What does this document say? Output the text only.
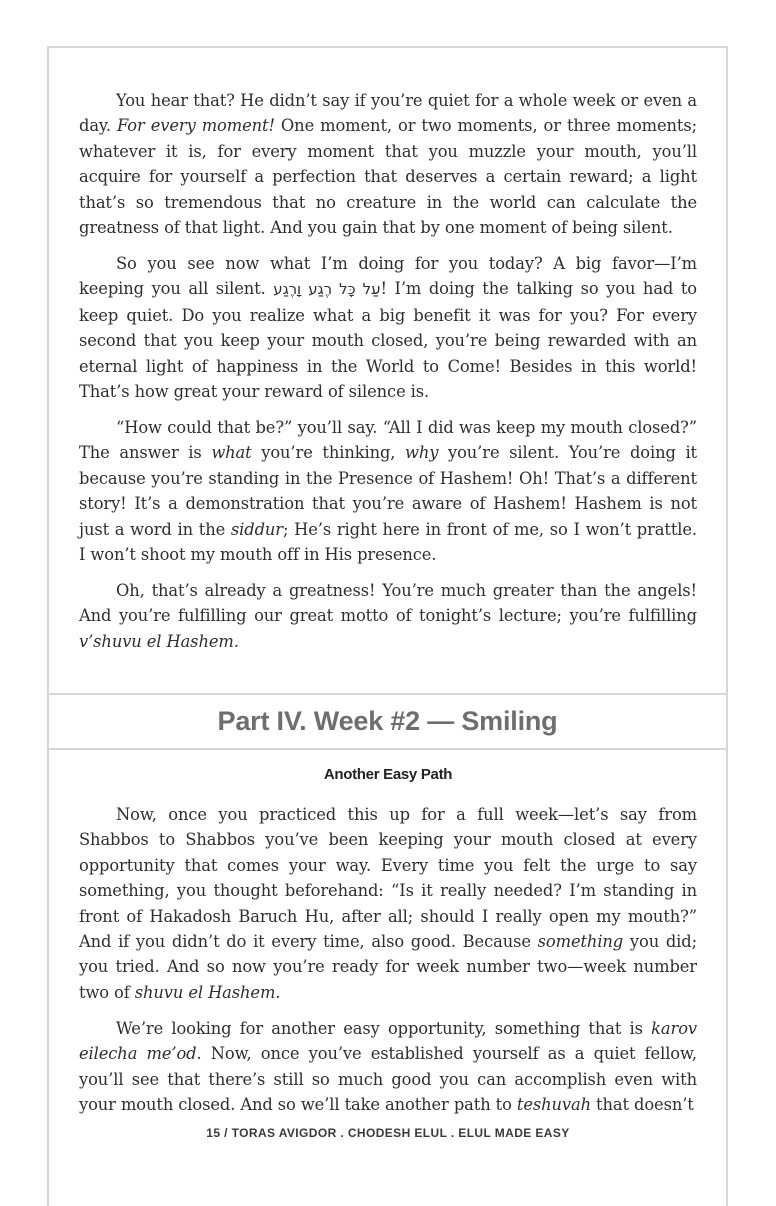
You hear that? He didn’t say if you’re quiet for a whole week or even a day. For every moment! One moment, or two moments, or three moments; whatever it is, for every moment that you muzzle your mouth, you’ll acquire for yourself a perfection that deserves a certain reward; a light that’s so tremendous that no creature in the world can calculate the greatness of that light. And you gain that by one moment of being silent.

So you see now what I’m doing for you today? A big favor—I’m keeping you all silent. עַל כָּל רֶגַע וָרֶגַע! I’m doing the talking so you had to keep quiet. Do you realize what a big benefit it was for you? For every second that you keep your mouth closed, you’re being rewarded with an eternal light of happiness in the World to Come! Besides in this world! That’s how great your reward of silence is.

“How could that be?” you’ll say. “All I did was keep my mouth closed?” The answer is what you’re thinking, why you’re silent. You’re doing it because you’re standing in the Presence of Hashem! Oh! That’s a different story! It’s a demonstration that you’re aware of Hashem! Hashem is not just a word in the siddur; He’s right here in front of me, so I won’t prattle. I won’t shoot my mouth off in His presence.

Oh, that’s already a greatness! You’re much greater than the angels! And you’re fulfilling our great motto of tonight’s lecture; you’re fulfilling v’shuvu el Hashem.

Part IV. Week #2 — Smiling
Another Easy Path

Now, once you practiced this up for a full week—let’s say from Shabbos to Shabbos you’ve been keeping your mouth closed at every opportunity that comes your way. Every time you felt the urge to say something, you thought beforehand: “Is it really needed? I’m standing in front of Hakadosh Baruch Hu, after all; should I really open my mouth?” And if you didn’t do it every time, also good. Because something you did; you tried. And so now you’re ready for week number two—week number two of shuvu el Hashem.

We’re looking for another easy opportunity, something that is karov eilecha me’od. Now, once you’ve established yourself as a quiet fellow, you’ll see that there’s still so much good you can accomplish even with your mouth closed. And so we’ll take another path to teshuvah that doesn’t

15 / TORAS AVIGDOR . CHODESH ELUL . ELUL MADE EASY
